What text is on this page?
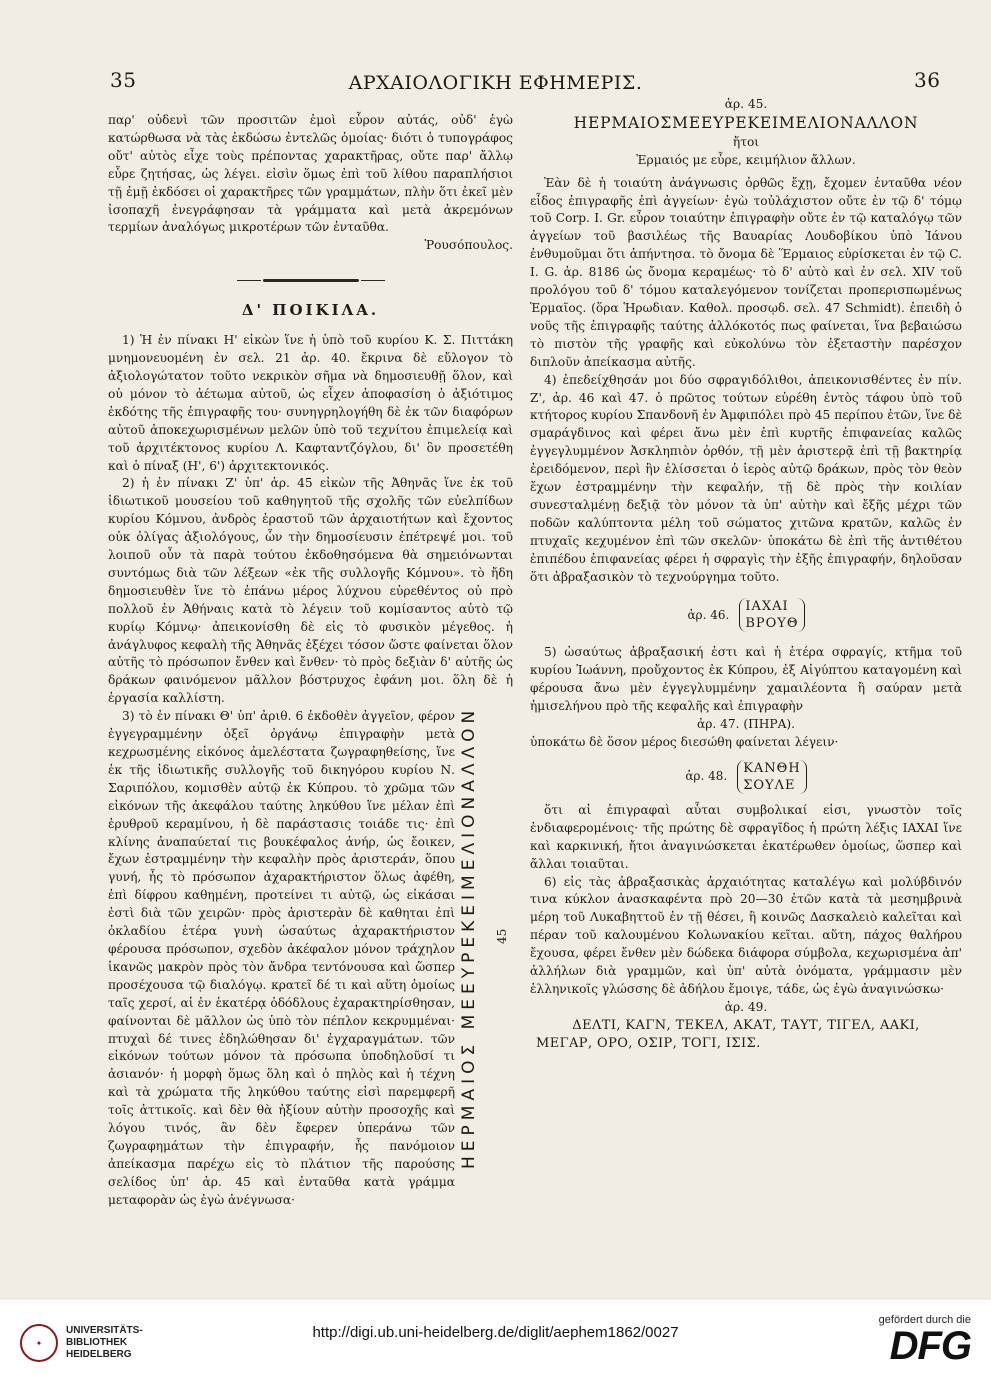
35	ΑΡΧΑΙΟΛΟΓΙΚΗ ΕΦΗΜΕΡΙΣ.	36

παρ' οὐδενὶ τῶν προσιτῶν ἐμοὶ εὗρον αὐτάς, οὐδ' ἐγὼ κατώρθωσα νὰ τὰς ἐκδώσω ἐντελῶς ὁμοίας· διότι ὁ τυπογράφος οὔτ' αὐτὸς εἶχε τοὺς πρέποντας χαρακτῆρας, οὔτε παρ' ἄλλῳ εὗρε ζητήσας, ὡς λέγει. εἰσὶν ὅμως ἐπὶ τοῦ λίθου παραπλήσιοι τῇ ἐμῇ ἐκδόσει οἱ χαρακτῆρες τῶν γραμμάτων, πλὴν ὅτι ἐκεῖ μὲν ἰσοπαχῆ ἐνεγράφησαν τὰ γράμματα καὶ μετὰ ἀκρεμόνων τερμίων ἀναλόγως μικροτέρων τῶν ἐνταῦθα.

Ῥουσόπουλος.
Δ' ΠΟΙΚΙΛΑ.

1) Ἡ ἐν πίνακι Η' εἰκὼν ἵνε ἡ ὑπὸ τοῦ κυρίου Κ. Σ. Πιττάκη μνημονευομένη ἐν σελ. 21 ἀρ. 40. ἔκρινα δὲ εὔλογον τὸ ἀξιολογώτατον τοῦτο νεκρικὸν σῆμα νὰ δημοσιευθῇ ὅλον, καὶ οὐ μόνον τὸ ἀέτωμα αὐτοῦ, ὡς εἶχεν ἀποφασίση ὁ ἀξιότιμος ἐκδότης τῆς ἐπιγραφῆς του· συνηγρηλογήθη δὲ ἐκ τῶν διαφόρων αὐτοῦ ἀποκεχωρισμένων μελῶν ὑπὸ τοῦ τεχνίτου ἐπιμελείᾳ καὶ τοῦ ἀρχιτέκτονος κυρίου Λ. Καφταντζόγλου, δι' ὃν προσετέθη καὶ ὁ πίναξ (Η', 6') ἀρχιτεκτονικός.

2) ἡ ἐν πίνακι Ζ' ὑπ' ἀρ. 45 εἰκὼν τῆς Ἀθηνᾶς ἵνε ἐκ τοῦ ἰδιωτικοῦ μουσείου τοῦ καθηγητοῦ τῆς σχολῆς τῶν εὐελπίδων κυρίου Κόμνου, ἀνδρὸς ἐραστοῦ τῶν ἀρχαιοτήτων καὶ ἔχοντος οὐκ ὀλίγας ἀξιολόγους, ὧν τὴν δημοσίευσιν ἐπέτρεψέ μοι. τοῦ λοιποῦ οὖν τὰ παρὰ τούτου ἐκδοθησόμενα θὰ σημειόνωνται συντόμως διὰ τῶν λέξεων «ἐκ τῆς συλλογῆς Κόμνου». τὸ ἤδη δημοσιευθὲν ἵνε τὸ ἐπάνω μέρος λύχνου εὑρεθέντος οὐ πρὸ πολλοῦ ἐν Ἀθήναις κατὰ τὸ λέγειν τοῦ κομίσαντος αὐτὸ τῷ κυρίῳ Κόμνῳ· ἀπεικονίσθη δὲ εἰς τὸ φυσικὸν μέγεθος. ἡ ἀνάγλυφος κεφαλὴ τῆς Ἀθηνᾶς ἐξέχει τόσον ὥστε φαίνεται ὅλον αὐτῆς τὸ πρόσωπον ἔνθεν καὶ ἔνθεν· τὸ πρὸς δεξιὰν δ' αὐτῆς ὡς δράκων φαινόμενον μᾶλλον βόστρυχος ἐφάνη μοι. ὅλη δὲ ἡ ἐργασία καλλίστη.

3) τὸ ἐν πίνακι Θ' ὑπ' ἀριθ. 6 ἐκδοθὲν ἀγγεῖον, φέρον ἐγγεγραμμένην ὀξεῖ ὀργάνῳ ἐπιγραφὴν μετὰ κεχρωσμένης εἰκόνος ἀμελέστατα ζωγραφηθείσης, ἵνε ἐκ τῆς ἰδιωτικῆς συλλογῆς τοῦ δικηγόρου κυρίου Ν. Σαριπόλου, κομισθὲν αὐτῷ ἐκ Κύπρου. τὸ χρῶμα τῶν εἰκόνων τῆς ἀκεφάλου ταύτης ληκύθου ἵνε μέλαν ἐπὶ ἐρυθροῦ κεραμίνου, ἡ δὲ παράστασις τοιάδε τις· ἐπὶ κλίνης ἀναπαύεταί τις βουκέφαλος ἀνήρ, ὡς ἔοικεν, ἔχων ἐστραμμένην τὴν κεφαλὴν πρὸς ἀριστεράν, ὅπου γυνή, ἧς τὸ πρόσωπον ἀχαρακτήριστον ὅλως ἀφέθη, ἐπὶ δίφρου καθημένη, προτείνει τι αὐτῷ, ὡς εἰκάσαι ἐστὶ διὰ τῶν χειρῶν· πρὸς ἀριστερὰν δὲ καθηται ἐπὶ ὀκλαδίου ἑτέρα γυνὴ ὡσαύτως ἀχαρακτήριστον φέρουσα πρόσωπον, σχεδὸν ἀκέφαλον μόνον τράχηλον ἱκανῶς μακρὸν πρὸς τὸν ἄνδρα τεντόνουσα καὶ ὥσπερ προσέχουσα τῷ διαλόγῳ. κρατεῖ δέ τι καὶ αὕτη ὁμοίως ταῖς χερσί, αἱ ἐν ἑκατέρᾳ ὀδόδλους ἐχαρακτηρίσθησαν, φαίνονται δὲ μᾶλλον ὡς ὑπὸ τὸν πέπλον κεκρυμμέναι· πτυχαὶ δέ τινες ἐδηλώθησαν δι' ἐγχαραγμάτων. τῶν εἰκόνων τούτων μόνον τὰ πρόσωπα ὑποδηλοῦσί τι ἀσιανόν· ἡ μορφὴ ὅμως ὅλη καὶ ὁ πηλὸς καὶ ἡ τέχνη καὶ τὰ χρώματα τῆς ληκύθου ταύτης εἰσὶ παρεμφερῆ τοῖς ἀττικοῖς. καὶ δὲν θὰ ἠξίουν αὐτὴν προσοχῆς καὶ λόγου τινός, ἂν δὲν ἔφερεν ὑπεράνω τῶν ζωγραφημάτων τὴν ἐπιγραφήν, ἧς πανόμοιον ἀπείκασμα παρέχω εἰς τὸ πλάτιον τῆς παρούσης σελίδος ὑπ' ἀρ. 45 καὶ ἐνταῦθα κατὰ γράμμα μεταφορὰν ὡς ἐγὼ ἀνέγνωσα·

ΗΕΡΜΑΙΟΣ ΜΕΕΥΡΕΚΕΙΜΕΛΙΟΝΑΛΛΟΝ 45
ἀρ. 45.
ΗΕΡΜΑΙΟΣΜΕΕΥΡΕΚΕΙΜΕΛΙΟΝΑΛΛΟΝ
ἤτοι
Ἑρμαιός με εὗρε, κειμήλιον ἄλλων.

Ἐὰν δὲ ἡ τοιαύτη ἀνάγνωσις ὀρθῶς ἔχῃ, ἔχομεν ἐνταῦθα νέον εἶδος ἐπιγραφῆς ἐπὶ ἀγγείων· ἐγὼ τοὐλάχιστον οὔτε ἐν τῷ δ' τόμῳ τοῦ Corp. I. Gr. εὗρον τοιαύτην ἐπιγραφὴν οὔτε ἐν τῷ καταλόγῳ τῶν ἀγγείων τοῦ βασιλέως τῆς Βαυαρίας Λουδοβίκου ὑπὸ Ἰάνου ἐνθυμοῦμαι ὅτι ἀπήντησα. τὸ ὄνομα δὲ Ἕρμαιος εὑρίσκεται ἐν τῷ C. I. G. ἀρ. 8186 ὡς ὄνομα κεραμέως· τὸ δ' αὐτὸ καὶ ἐν σελ. XIV τοῦ προλόγου τοῦ δ' τόμου καταλεγόμενον τονίζεται προπερισπωμένως Ἑρμαῖος. (ὅρα Ἡρωδιαν. Καθολ. προσῳδ. σελ. 47 Schmidt). ἐπειδὴ ὁ νοῦς τῆς ἐπιγραφῆς ταύτης ἀλλόκοτός πως φαίνεται, ἵνα βεβαιώσω τὸ πιστὸν τῆς γραφῆς καὶ εὐκολύνω τὸν ἐξεταστὴν παρέσχον διπλοῦν ἀπείκασμα αὐτῆς.

4) ἐπεδείχθησάν μοι δύο σφραγιδόλιθοι, ἀπεικονισθέντες ἐν πίν. Ζ', ἀρ. 46 καὶ 47. ὁ πρῶτος τούτων εὑρέθη ἐντὸς τάφου ὑπὸ τοῦ κτήτορος κυρίου Σπανδονῆ ἐν Ἀμφιπόλει πρὸ 45 περίπου ἐτῶν, ἵνε δὲ σμαράγδινος καὶ φέρει ἄνω μὲν ἐπὶ κυρτῆς ἐπιφανείας καλῶς ἐγγεγλυμμένον Ἀσκληπιὸν ὀρθόν, τῇ μὲν ἀριστερᾷ ἐπὶ τῇ βακτηρίᾳ ἐρειδόμενον, περὶ ἣν ἑλίσσεται ὁ ἱερὸς αὐτῷ δράκων, πρὸς τὸν θεὸν ἔχων ἐστραμμένην τὴν κεφαλήν, τῇ δὲ πρὸς τὴν κοιλίαν συνεσταλμένῃ δεξιᾷ τὸν μόνον τὰ ὑπ' αὐτὴν καὶ ἔξῆς μέχρι τῶν ποδῶν καλύπτοντα μέλη τοῦ σώματος χιτῶνα κρατῶν, καλῶς ἐν πτυχαῖς κεχυμένον ἐπὶ τῶν σκελῶν· ὑποκάτω δὲ ἐπὶ τῆς ἀντιθέτου ἐπιπέδου ἐπιφανείας φέρει ἡ σφραγὶς τὴν ἑξῆς ἐπιγραφήν, δηλοῦσαν ὅτι ἀβραξασικὸν τὸ τεχνούργημα τοῦτο.

ἀρ. 46.
ΙΑΧΑΙ
ΒΡΟΥΘ

5) ὡσαύτως ἀβραξασική ἐστι καὶ ἡ ἑτέρα σφραγίς, κτῆμα τοῦ κυρίου Ἰωάννη, προὔχοντος ἐκ Κύπρου, ἐξ Αἰγύπτου καταγομένη καὶ φέρουσα ἄνω μὲν ἐγγεγλυμμένην χαμαιλέοντα ἢ σαύραν μετὰ ἡμισελήνου πρὸ τῆς κεφαλῆς καὶ ἐπιγραφὴν

ἀρ. 47. (ΠΗΡΑ).

ὑποκάτω δὲ ὅσον μέρος διεσώθη φαίνεται λέγειν·

ἀρ. 48.
ΚΑΝΘΗ
ΣΟΥΛΕ

ὅτι αἱ ἐπιγραφαὶ αὗται συμβολικαί εἰσι, γνωστὸν τοῖς ἐνδιαφερομένοις· τῆς πρώτης δὲ σφραγῖδος ἡ πρώτη λέξις ΙΑΧΑΙ ἵνε καὶ καρκινική, ἤτοι ἀναγινώσκεται ἑκατέρωθεν ὁμοίως, ὥσπερ καὶ ἄλλαι τοιαῦται.

6) εἰς τὰς ἀβραξασικὰς ἀρχαιότητας καταλέγω καὶ μολύβδινόν τινα κύκλον ἀνασκαφέντα πρὸ 20—30 ἐτῶν κατὰ τὰ μεσημβρινὰ μέρη τοῦ Λυκαβηττοῦ ἐν τῇ θέσει, ἣ κοινῶς Δασκαλειὸ καλεῖται καὶ πέραν τοῦ καλουμένου Κολωνακίου κεῖται. αὕτη, πάχος θαλήρου ἔχουσα, φέρει ἔνθεν μὲν δώδεκα διάφορα σύμβολα, κεχωρισμένα ἀπ' ἀλλήλων διὰ γραμμῶν, καὶ ὑπ' αὐτὰ ὀνόματα, γράμμασιν μὲν ἑλληνικοῖς γλώσσης δὲ ἀδήλου ἔμοιγε, τάδε, ὡς ἐγὼ ἀναγινώσκω·

ἀρ. 49.
ΔΕΛΤΙ, ΚΑΓΝ, ΤΕΚΕΛ, ΑΚΑΤ, ΤΑΥΤ, ΤΙΓΕΛ, ΑΑΚΙ,
ΜΕΓΑΡ, ΟΡΟ, ΟΣΙΡ, ΤΟΓΙ, ΙΣΙΣ.
✦
UNIVERSITÄTS-
BIBLIOTHEK
HEIDELBERG
http://digi.ub.uni-heidelberg.de/diglit/aephem1862/0027
gefördert durch die
DFG
